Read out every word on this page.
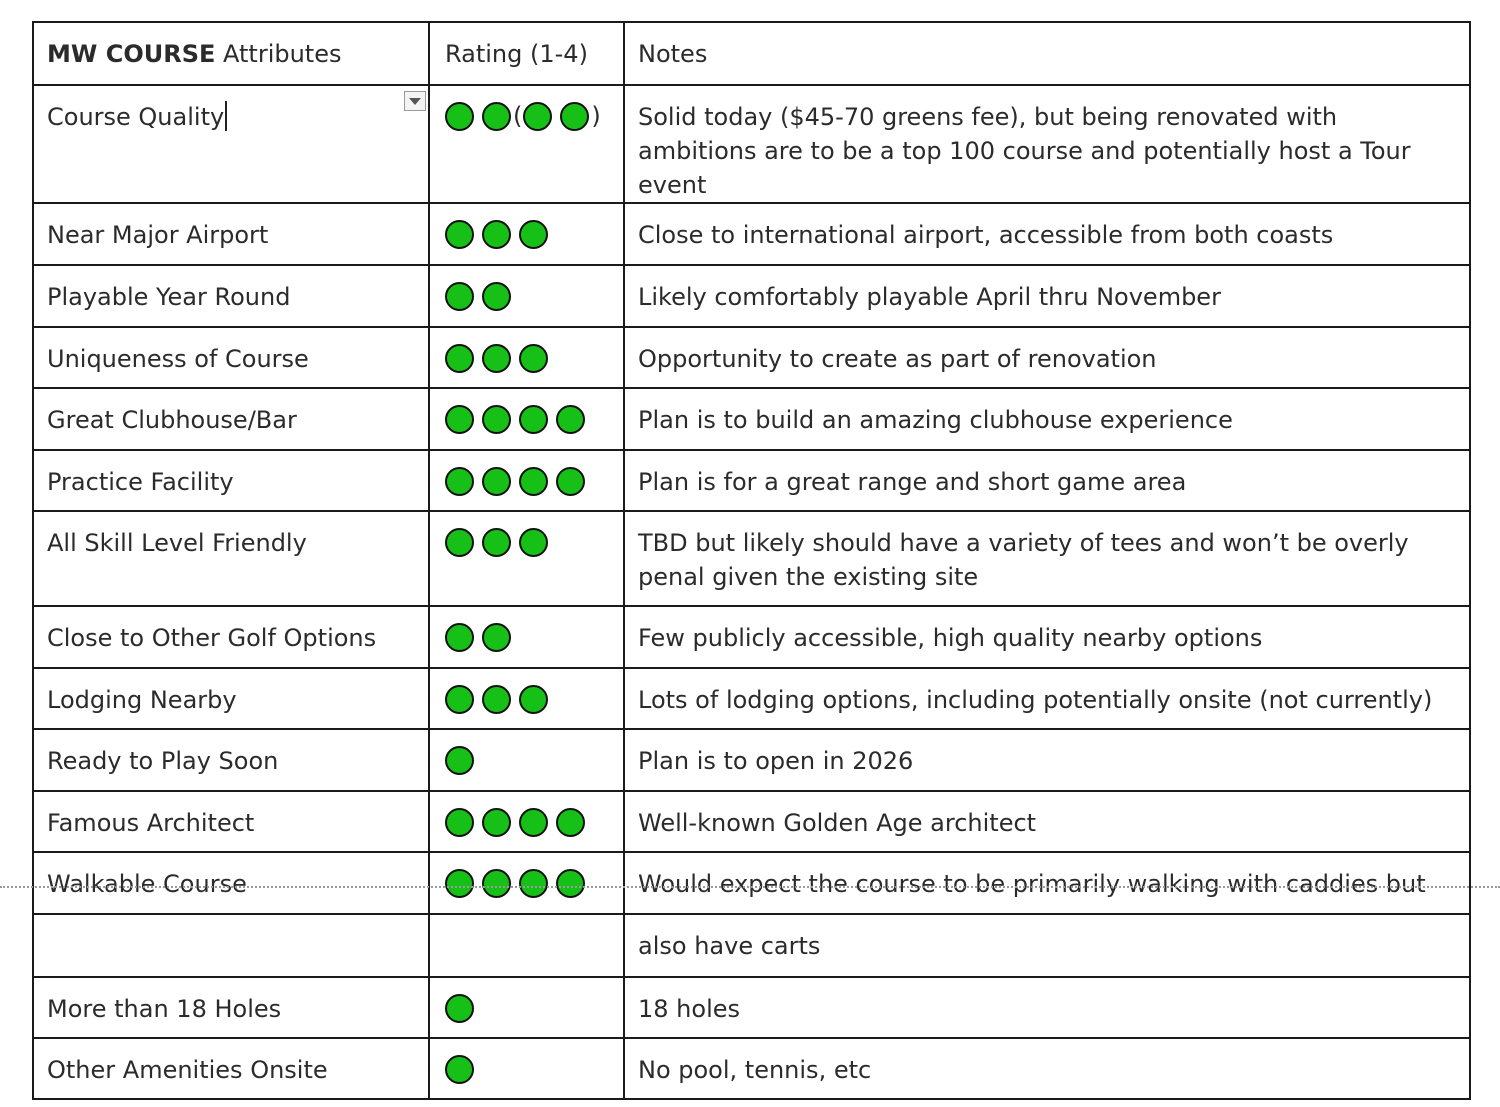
MW COURSE Attributes	Rating (1-4)	Notes

Course Quality	( )	Solid today ($45-70 greens fee), but being renovated with ambitions are to be a top 100 course and potentially host a Tour event

Near Major Airport		Close to international airport, accessible from both coasts

Playable Year Round		Likely comfortably playable April thru November

Uniqueness of Course		Opportunity to create as part of renovation

Great Clubhouse/Bar		Plan is to build an amazing clubhouse experience

Practice Facility		Plan is for a great range and short game area

All Skill Level Friendly		TBD but likely should have a variety of tees and won’t be overly penal given the existing site

Close to Other Golf Options		Few publicly accessible, high quality nearby options

Lodging Nearby		Lots of lodging options, including potentially onsite (not currently)

Ready to Play Soon		Plan is to open in 2026

Famous Architect		Well-known Golden Age architect

Walkable Course		Would expect the course to be primarily walking with caddies but

		also have carts

More than 18 Holes		18 holes

Other Amenities Onsite		No pool, tennis, etc
